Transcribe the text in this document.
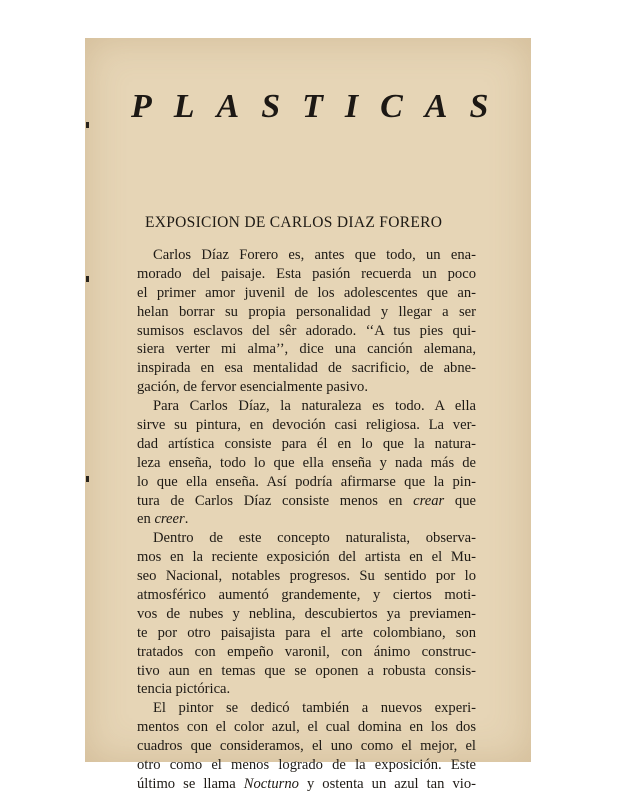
PLASTICAS
EXPOSICION DE CARLOS DIAZ FORERO
Carlos Díaz Forero es, antes que todo, un ena-
morado del paisaje. Esta pasión recuerda un poco
el primer amor juvenil de los adolescentes que an-
helan borrar su propia personalidad y llegar a ser
sumisos esclavos del sêr adorado. ‘‘A tus pies qui-
siera verter mi alma’’, dice una canción alemana,
inspirada en esa mentalidad de sacrificio, de abne-
gación, de fervor esencialmente pasivo.
Para Carlos Díaz, la naturaleza es todo. A ella
sirve su pintura, en devoción casi religiosa. La ver-
dad artística consiste para él en lo que la natura-
leza enseña, todo lo que ella enseña y nada más de
lo que ella enseña. Así podría afirmarse que la pin-
tura de Carlos Díaz consiste menos en crear que
en creer.
Dentro de este concepto naturalista, observa-
mos en la reciente exposición del artista en el Mu-
seo Nacional, notables progresos. Su sentido por lo
atmosférico aumentó grandemente, y ciertos moti-
vos de nubes y neblina, descubiertos ya previamen-
te por otro paisajista para el arte colombiano, son
tratados con empeño varonil, con ánimo construc-
tivo aun en temas que se oponen a robusta consis-
tencia pictórica.
El pintor se dedicó también a nuevos experi-
mentos con el color azul, el cual domina en los dos
cuadros que consideramos, el uno como el mejor, el
otro como el menos logrado de la exposición. Este
último se llama Nocturno y ostenta un azul tan vio-
